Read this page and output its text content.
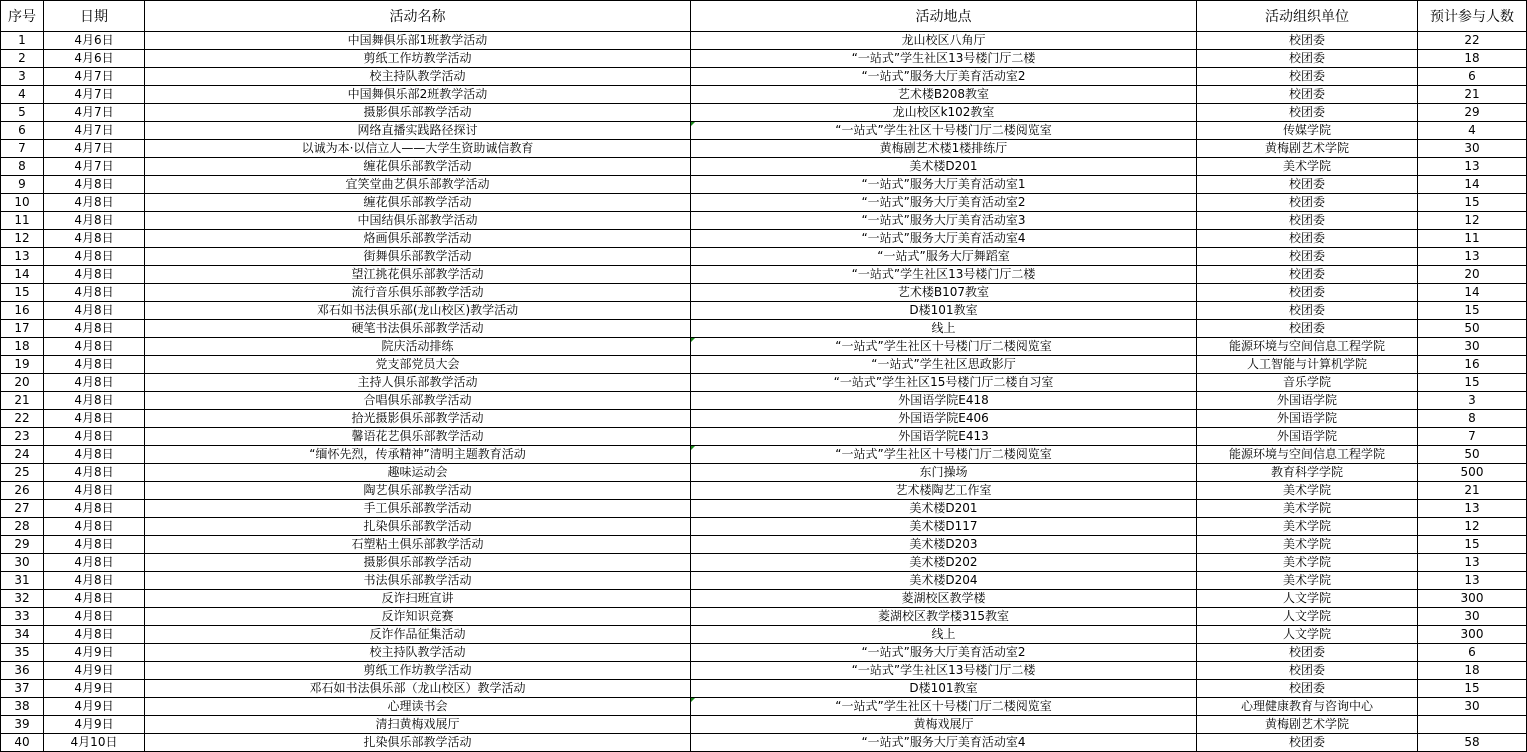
序号	日期	活动名称	活动地点	活动组织单位	预计参与人数
1	4月6日	中国舞俱乐部1班教学活动	龙山校区八角厅	校团委	22
2	4月6日	剪纸工作坊教学活动	“一站式”学生社区13号楼门厅二楼	校团委	18
3	4月7日	校主持队教学活动	“一站式”服务大厅美育活动室2	校团委	6
4	4月7日	中国舞俱乐部2班教学活动	艺术楼B208教室	校团委	21
5	4月7日	摄影俱乐部教学活动	龙山校区k102教室	校团委	29
6	4月7日	网络直播实践路径探讨	“一站式”学生社区十号楼门厅二楼阅览室	传媒学院	4
7	4月7日	以诚为本·以信立人——大学生资助诚信教育	黄梅剧艺术楼1楼排练厅	黄梅剧艺术学院	30
8	4月7日	缠花俱乐部教学活动	美术楼D201	美术学院	13
9	4月8日	宜笑堂曲艺俱乐部教学活动	“一站式”服务大厅美育活动室1	校团委	14
10	4月8日	缠花俱乐部教学活动	“一站式”服务大厅美育活动室2	校团委	15
11	4月8日	中国结俱乐部教学活动	“一站式”服务大厅美育活动室3	校团委	12
12	4月8日	烙画俱乐部教学活动	“一站式”服务大厅美育活动室4	校团委	11
13	4月8日	街舞俱乐部教学活动	“一站式”服务大厅舞蹈室	校团委	13
14	4月8日	望江挑花俱乐部教学活动	“一站式”学生社区13号楼门厅二楼	校团委	20
15	4月8日	流行音乐俱乐部教学活动	艺术楼B107教室	校团委	14
16	4月8日	邓石如书法俱乐部(龙山校区)教学活动	D楼101教室	校团委	15
17	4月8日	硬笔书法俱乐部教学活动	线上	校团委	50
18	4月8日	院庆活动排练	“一站式”学生社区十号楼门厅二楼阅览室	能源环境与空间信息工程学院	30
19	4月8日	党支部党员大会	“一站式”学生社区思政影厅	人工智能与计算机学院	16
20	4月8日	主持人俱乐部教学活动	“一站式”学生社区15号楼门厅二楼自习室	音乐学院	15
21	4月8日	合唱俱乐部教学活动	外国语学院E418	外国语学院	3
22	4月8日	拾光摄影俱乐部教学活动	外国语学院E406	外国语学院	8
23	4月8日	馨语花艺俱乐部教学活动	外国语学院E413	外国语学院	7
24	4月8日	“缅怀先烈，传承精神”清明主题教育活动	“一站式”学生社区十号楼门厅二楼阅览室	能源环境与空间信息工程学院	50
25	4月8日	趣味运动会	东门操场	教育科学学院	500
26	4月8日	陶艺俱乐部教学活动	艺术楼陶艺工作室	美术学院	21
27	4月8日	手工俱乐部教学活动	美术楼D201	美术学院	13
28	4月8日	扎染俱乐部教学活动	美术楼D117	美术学院	12
29	4月8日	石塑粘土俱乐部教学活动	美术楼D203	美术学院	15
30	4月8日	摄影俱乐部教学活动	美术楼D202	美术学院	13
31	4月8日	书法俱乐部教学活动	美术楼D204	美术学院	13
32	4月8日	反诈扫班宣讲	菱湖校区教学楼	人文学院	300
33	4月8日	反诈知识竞赛	菱湖校区教学楼315教室	人文学院	30
34	4月8日	反诈作品征集活动	线上	人文学院	300
35	4月9日	校主持队教学活动	“一站式”服务大厅美育活动室2	校团委	6
36	4月9日	剪纸工作坊教学活动	“一站式”学生社区13号楼门厅二楼	校团委	18
37	4月9日	邓石如书法俱乐部（龙山校区）教学活动	D楼101教室	校团委	15
38	4月9日	心理读书会	“一站式”学生社区十号楼门厅二楼阅览室	心理健康教育与咨询中心	30
39	4月9日	清扫黄梅戏展厅	黄梅戏展厅	黄梅剧艺术学院	
40	4月10日	扎染俱乐部教学活动	“一站式”服务大厅美育活动室4	校团委	58
